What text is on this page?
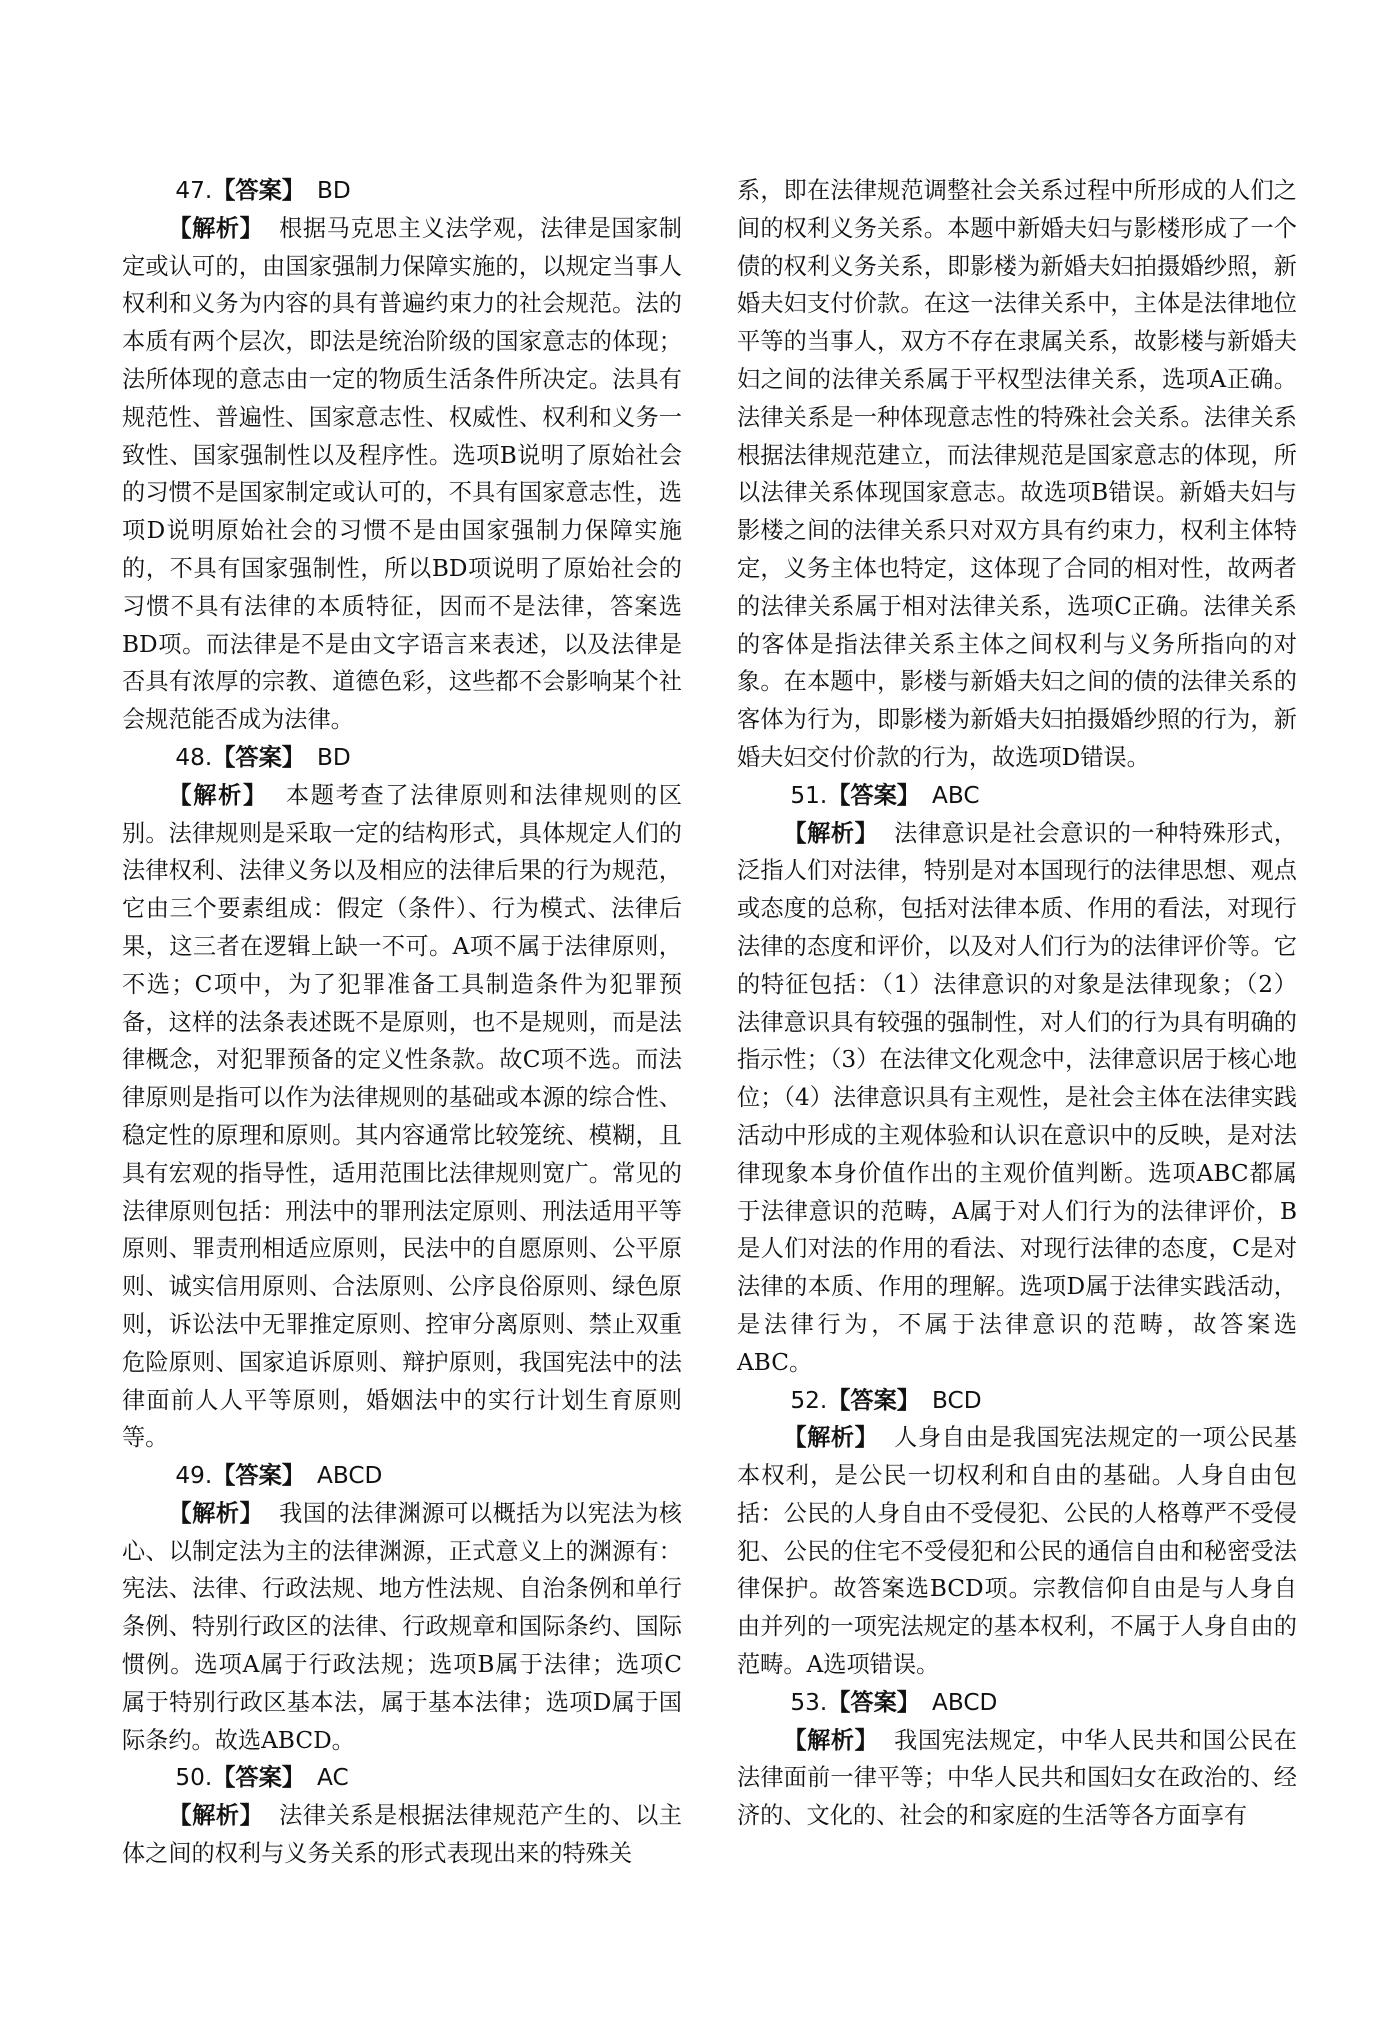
47.【答案】 BD

【解析】 根据马克思主义法学观，法律是国家制定或认可的，由国家强制力保障实施的，以规定当事人权利和义务为内容的具有普遍约束力的社会规范。法的本质有两个层次，即法是统治阶级的国家意志的体现；法所体现的意志由一定的物质生活条件所决定。法具有规范性、普遍性、国家意志性、权威性、权利和义务一致性、国家强制性以及程序性。选项B说明了原始社会的习惯不是国家制定或认可的，不具有国家意志性，选项D说明原始社会的习惯不是由国家强制力保障实施的，不具有国家强制性，所以BD项说明了原始社会的习惯不具有法律的本质特征，因而不是法律，答案选BD项。而法律是不是由文字语言来表述，以及法律是否具有浓厚的宗教、道德色彩，这些都不会影响某个社会规范能否成为法律。

48.【答案】 BD

【解析】 本题考查了法律原则和法律规则的区别。法律规则是采取一定的结构形式，具体规定人们的法律权利、法律义务以及相应的法律后果的行为规范，它由三个要素组成：假定（条件）、行为模式、法律后果，这三者在逻辑上缺一不可。A项不属于法律原则，不选；C项中，为了犯罪准备工具制造条件为犯罪预备，这样的法条表述既不是原则，也不是规则，而是法律概念，对犯罪预备的定义性条款。故C项不选。而法律原则是指可以作为法律规则的基础或本源的综合性、稳定性的原理和原则。其内容通常比较笼统、模糊，且具有宏观的指导性，适用范围比法律规则宽广。常见的法律原则包括：刑法中的罪刑法定原则、刑法适用平等原则、罪责刑相适应原则，民法中的自愿原则、公平原则、诚实信用原则、合法原则、公序良俗原则、绿色原则，诉讼法中无罪推定原则、控审分离原则、禁止双重危险原则、国家追诉原则、辩护原则，我国宪法中的法律面前人人平等原则，婚姻法中的实行计划生育原则等。

49.【答案】 ABCD

【解析】 我国的法律渊源可以概括为以宪法为核心、以制定法为主的法律渊源，正式意义上的渊源有：宪法、法律、行政法规、地方性法规、自治条例和单行条例、特别行政区的法律、行政规章和国际条约、国际惯例。选项A属于行政法规；选项B属于法律；选项C属于特别行政区基本法，属于基本法律；选项D属于国际条约。故选ABCD。

50.【答案】 AC

【解析】 法律关系是根据法律规范产生的、以主体之间的权利与义务关系的形式表现出来的特殊关

系，即在法律规范调整社会关系过程中所形成的人们之间的权利义务关系。本题中新婚夫妇与影楼形成了一个债的权利义务关系，即影楼为新婚夫妇拍摄婚纱照，新婚夫妇支付价款。在这一法律关系中，主体是法律地位平等的当事人，双方不存在隶属关系，故影楼与新婚夫妇之间的法律关系属于平权型法律关系，选项A正确。法律关系是一种体现意志性的特殊社会关系。法律关系根据法律规范建立，而法律规范是国家意志的体现，所以法律关系体现国家意志。故选项B错误。新婚夫妇与影楼之间的法律关系只对双方具有约束力，权利主体特定，义务主体也特定，这体现了合同的相对性，故两者的法律关系属于相对法律关系，选项C正确。法律关系的客体是指法律关系主体之间权利与义务所指向的对象。在本题中，影楼与新婚夫妇之间的债的法律关系的客体为行为，即影楼为新婚夫妇拍摄婚纱照的行为，新婚夫妇交付价款的行为，故选项D错误。

51.【答案】 ABC

【解析】 法律意识是社会意识的一种特殊形式，泛指人们对法律，特别是对本国现行的法律思想、观点或态度的总称，包括对法律本质、作用的看法，对现行法律的态度和评价，以及对人们行为的法律评价等。它的特征包括：（1）法律意识的对象是法律现象；（2）法律意识具有较强的强制性，对人们的行为具有明确的指示性；（3）在法律文化观念中，法律意识居于核心地位；（4）法律意识具有主观性，是社会主体在法律实践活动中形成的主观体验和认识在意识中的反映，是对法律现象本身价值作出的主观价值判断。选项ABC都属于法律意识的范畴，A属于对人们行为的法律评价，B是人们对法的作用的看法、对现行法律的态度，C是对法律的本质、作用的理解。选项D属于法律实践活动，是法律行为，不属于法律意识的范畴，故答案选ABC。

52.【答案】 BCD

【解析】 人身自由是我国宪法规定的一项公民基本权利，是公民一切权利和自由的基础。人身自由包括：公民的人身自由不受侵犯、公民的人格尊严不受侵犯、公民的住宅不受侵犯和公民的通信自由和秘密受法律保护。故答案选BCD项。宗教信仰自由是与人身自由并列的一项宪法规定的基本权利，不属于人身自由的范畴。A选项错误。

53.【答案】 ABCD

【解析】 我国宪法规定，中华人民共和国公民在法律面前一律平等；中华人民共和国妇女在政治的、经济的、文化的、社会的和家庭的生活等各方面享有
